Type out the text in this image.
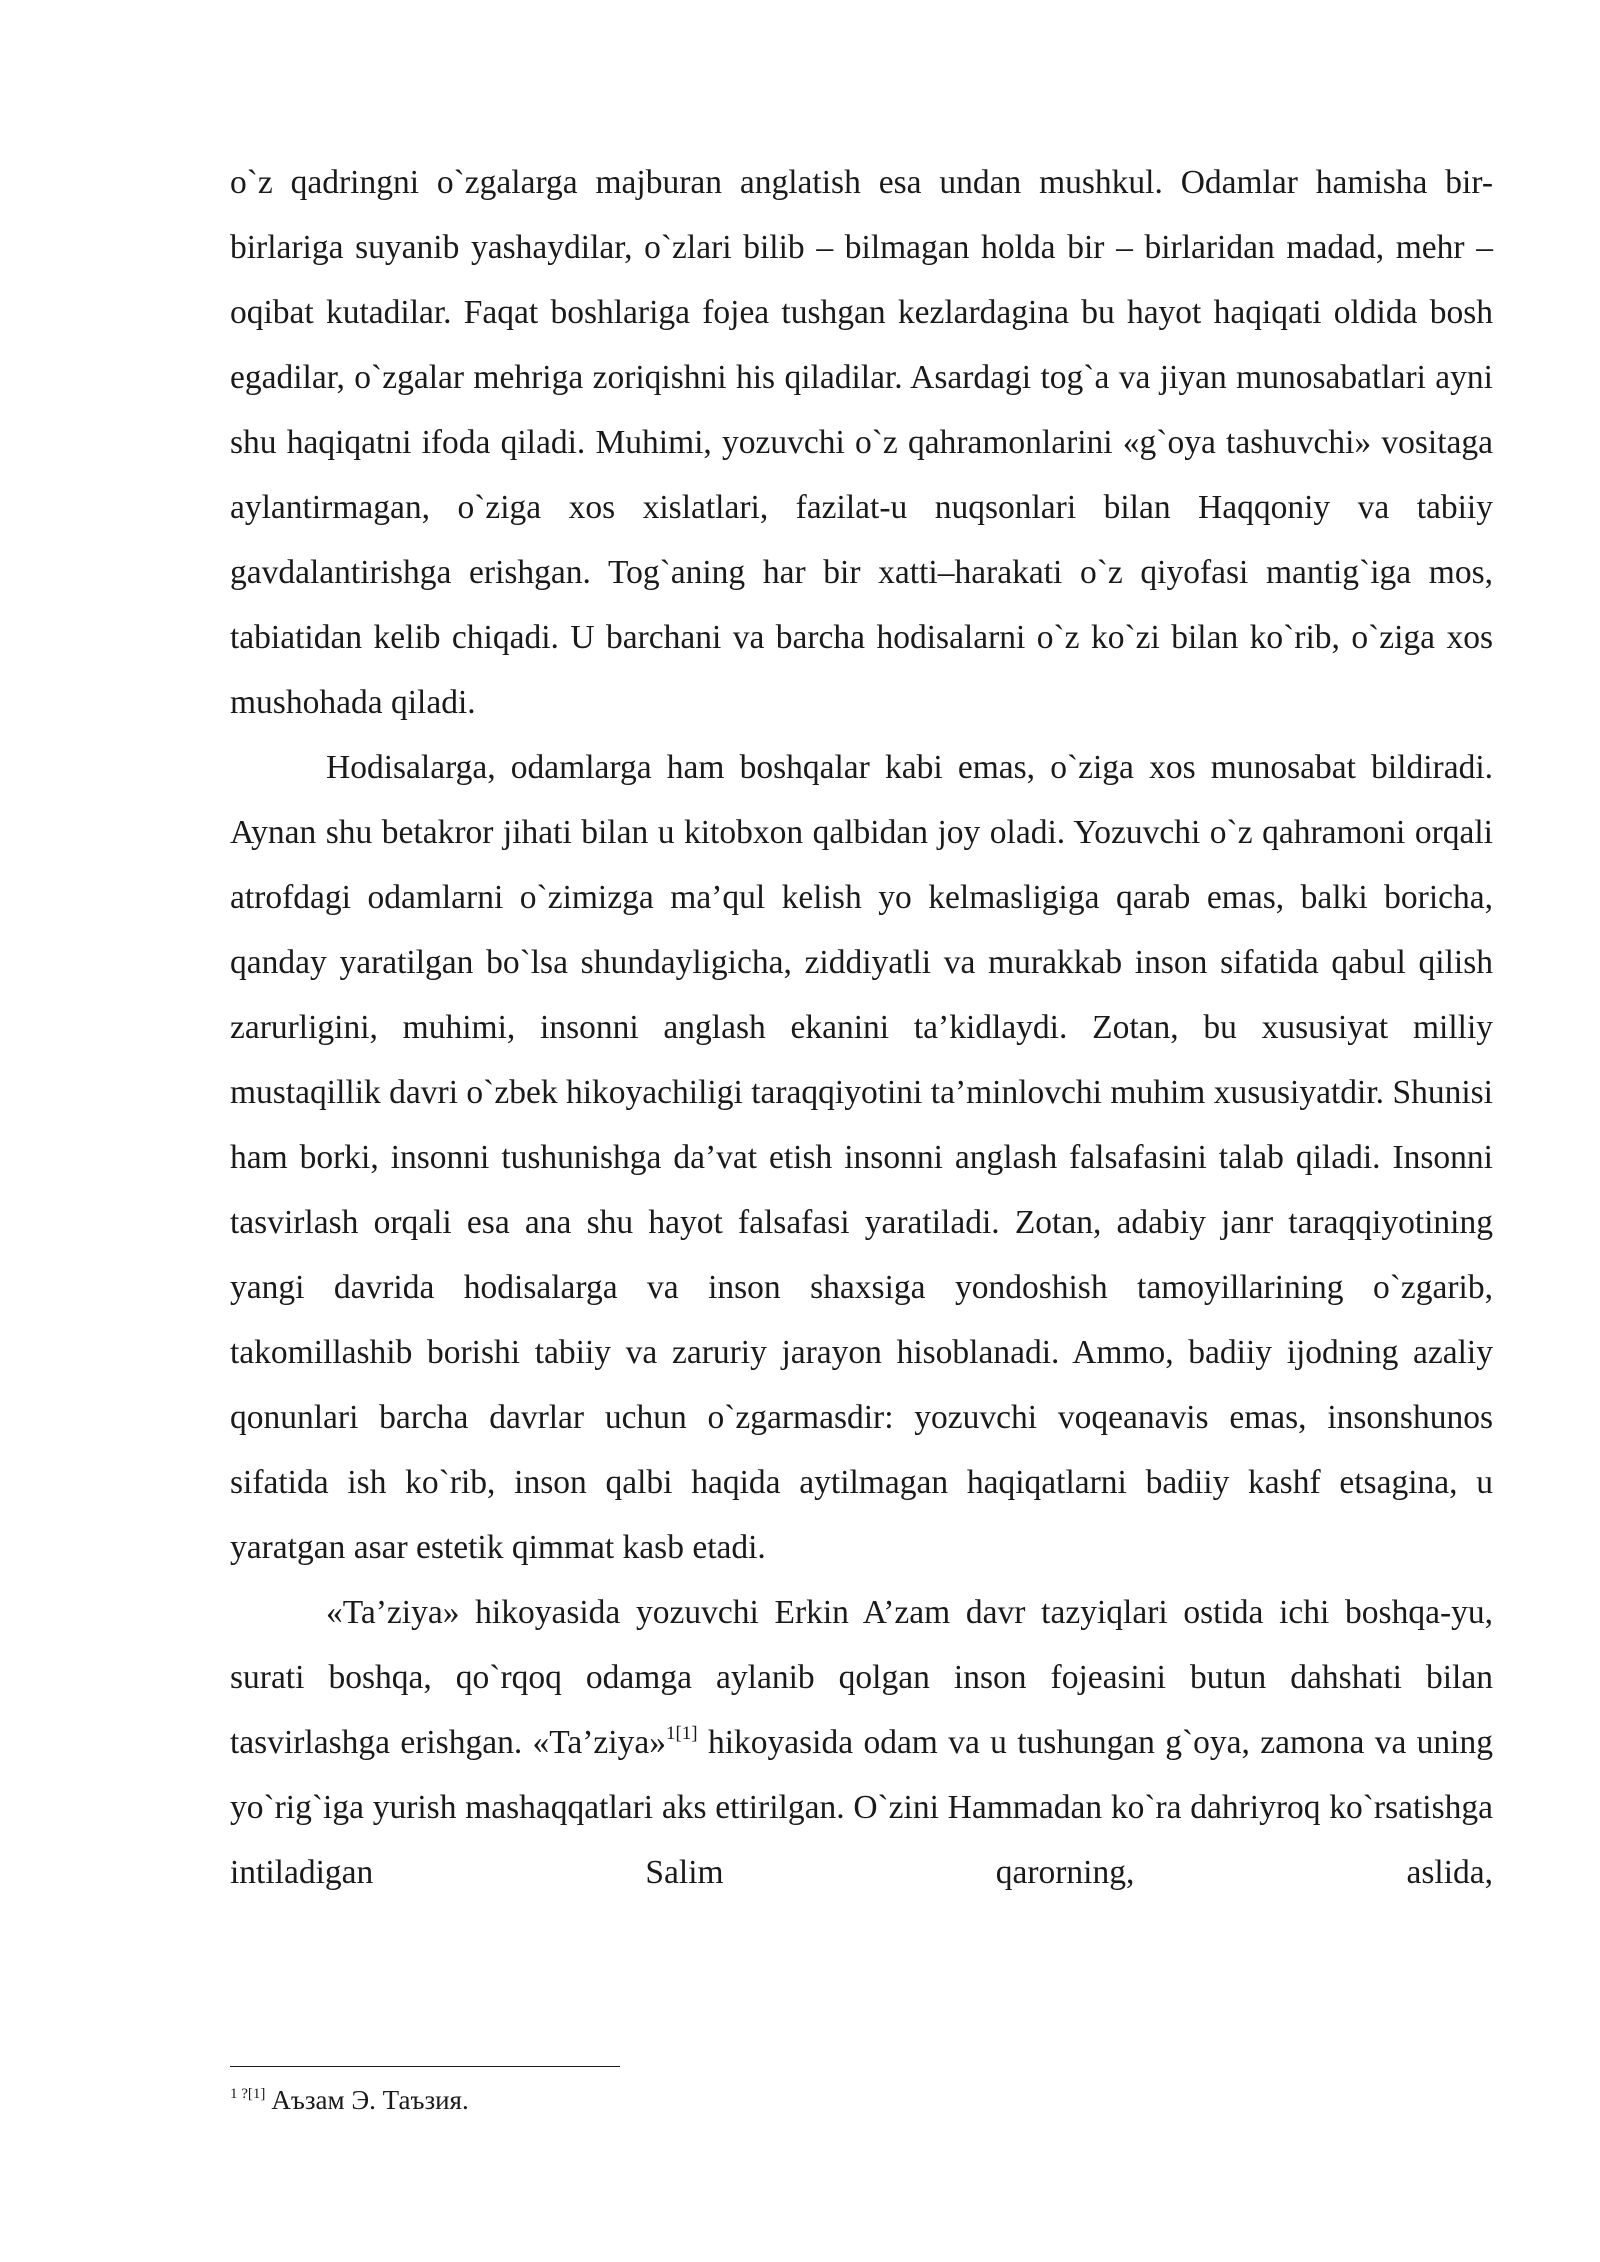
o`z qadringni o`zgalarga majburan anglatish esa undan mushkul. Odamlar hamisha bir-birlariga suyanib yashaydilar, o`zlari bilib – bilmagan holda bir – birlaridan madad, mehr – oqibat kutadilar. Faqat boshlariga fojea tushgan kezlardagina bu hayot haqiqati oldida bosh egadilar, o`zgalar mehriga zoriqishni his qiladilar. Asardagi tog`a va jiyan munosabatlari ayni shu haqiqatni ifoda qiladi. Muhimi, yozuvchi o`z qahramonlarini «g`oya tashuvchi» vositaga aylantirmagan, o`ziga xos xislatlari, fazilat-u nuqsonlari bilan Haqqoniy va tabiiy gavdalantirishga erishgan. Tog`aning har bir xatti–harakati o`z qiyofasi mantig`iga mos, tabiatidan kelib chiqadi. U barchani va barcha hodisalarni o`z ko`zi bilan ko`rib, o`ziga xos mushohada qiladi.

Hodisalarga, odamlarga ham boshqalar kabi emas, o`ziga xos munosabat bildiradi. Aynan shu betakror jihati bilan u kitobxon qalbidan joy oladi. Yozuvchi o`z qahramoni orqali atrofdagi odamlarni o`zimizga ma’qul kelish yo kelmasligiga qarab emas, balki boricha, qanday yaratilgan bo`lsa shundayligicha, ziddiyatli va murakkab inson sifatida qabul qilish zarurligini, muhimi, insonni anglash ekanini ta’kidlaydi. Zotan, bu xususiyat milliy mustaqillik davri o`zbek hikoyachiligi taraqqiyotini ta’minlovchi muhim xususiyatdir. Shunisi ham borki, insonni tushunishga da’vat etish insonni anglash falsafasini talab qiladi. Insonni tasvirlash orqali esa ana shu hayot falsafasi yaratiladi. Zotan, adabiy janr taraqqiyotining yangi davrida hodisalarga va inson shaxsiga yondoshish tamoyillarining o`zgarib, takomillashib borishi tabiiy va zaruriy jarayon hisoblanadi. Ammo, badiiy ijodning azaliy qonunlari barcha davrlar uchun o`zgarmasdir: yozuvchi voqeanavis emas, insonshunos sifatida ish ko`rib, inson qalbi haqida aytilmagan haqiqatlarni badiiy kashf etsagina, u yaratgan asar estetik qimmat kasb etadi.

«Ta’ziya» hikoyasida yozuvchi Erkin A’zam davr tazyiqlari ostida ichi boshqa-yu, surati boshqa, qo`rqoq odamga aylanib qolgan inson fojeasini butun dahshati bilan tasvirlashga erishgan. «Ta’ziya»$^{1[1]}$ hikoyasida odam va u tushungan g`oya, zamona va uning yo`rig`iga yurish mashaqqatlari aks ettirilgan. O`zini Hammadan ko`ra dahriyroq ko`rsatishga intiladigan Salim qarorning, aslida,

$^{1 ?[1]}$ Аъзам Э. Таъзия.
